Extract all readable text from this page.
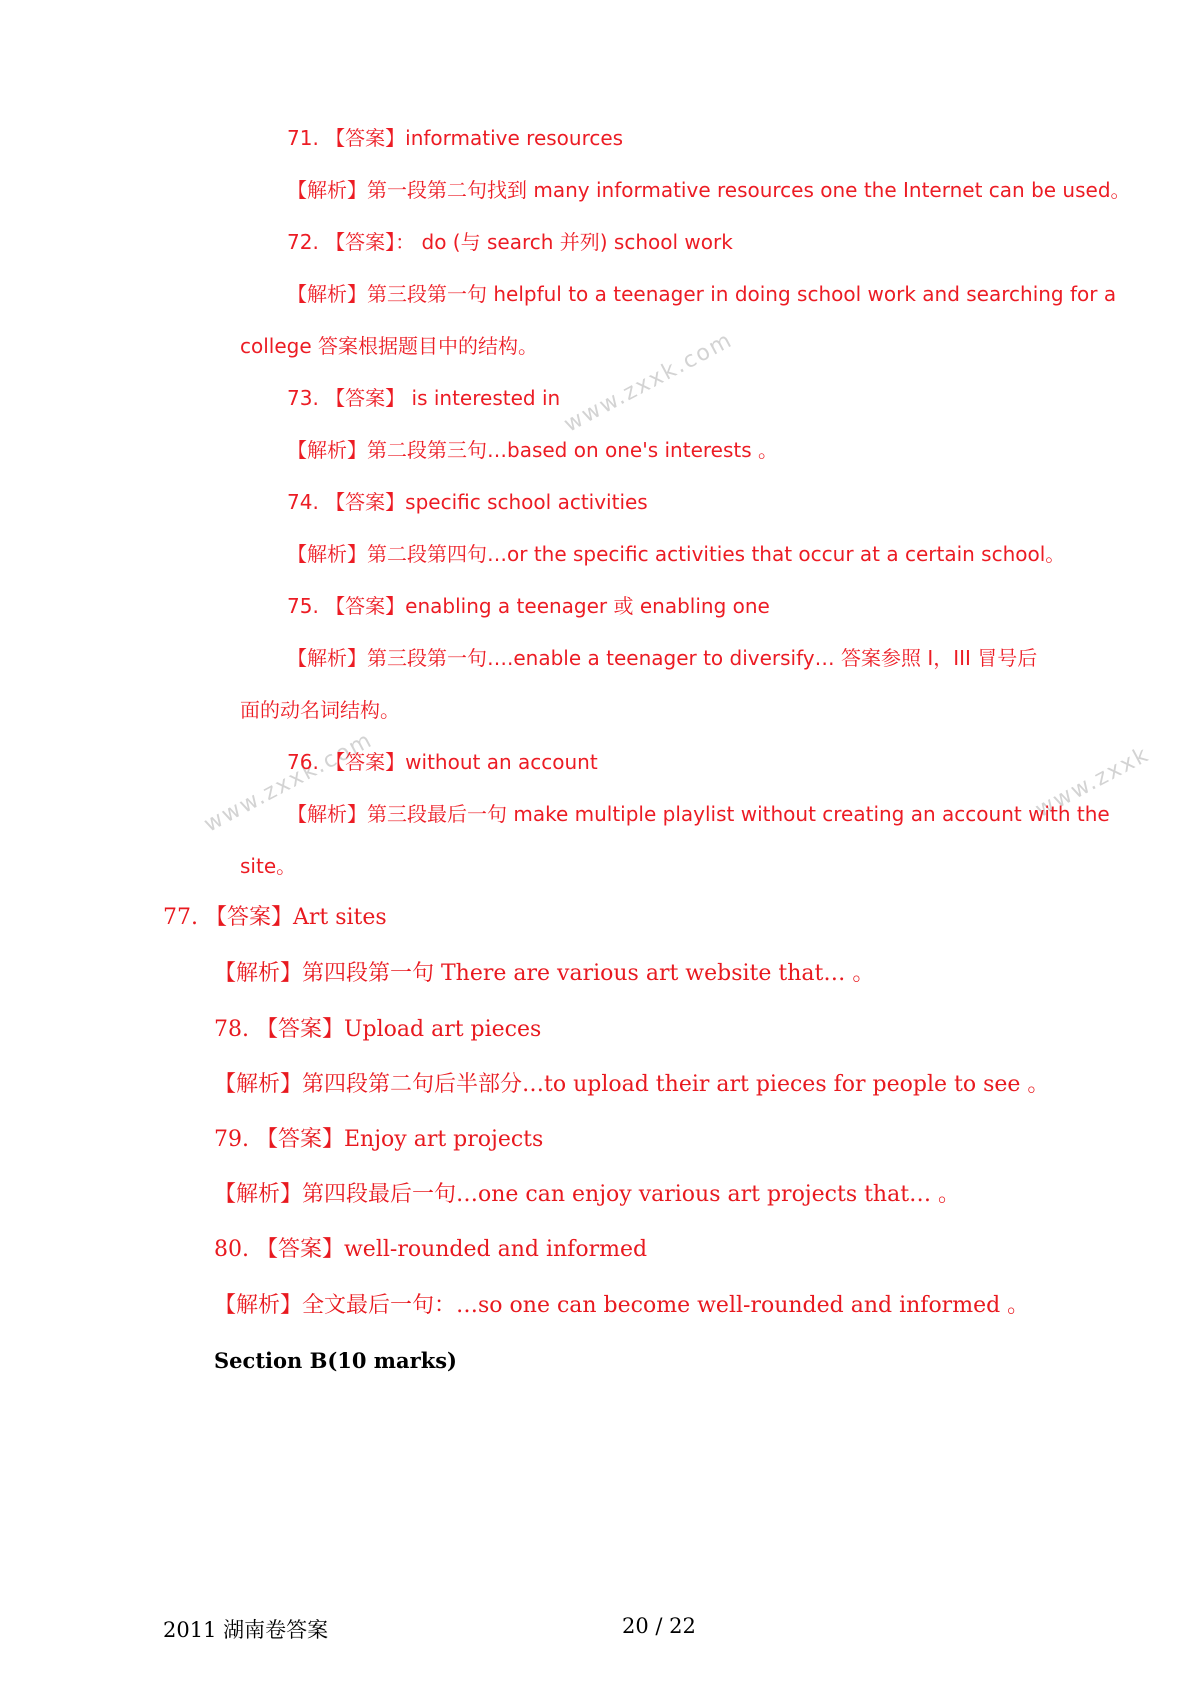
www.zxxk.com
www.zxxk.com	www.zxxk
71. 【答案】informative resources
【解析】第一段第二句找到 many informative resources one the Internet can be used。
72. 【答案】： do (与 search 并列) school work
【解析】第三段第一句 helpful to a teenager in doing school work and searching for a
college 答案根据题目中的结构。
73. 【答案】 is interested in
【解析】第二段第三句…based on one's interests 。
74. 【答案】specific school activities
【解析】第二段第四句…or the specific activities that occur at a certain school。
75. 【答案】enabling a teenager 或 enabling one
【解析】第三段第一句….enable a teenager to diversify… 答案参照 I，III 冒号后
面的动名词结构。
76. 【答案】without an account
【解析】第三段最后一句 make multiple playlist without creating an account with the
site。
77. 【答案】Art sites
【解析】第四段第一句 There are various art website that… 。
78. 【答案】Upload art pieces
【解析】第四段第二句后半部分…to upload their art pieces for people to see 。
79. 【答案】Enjoy art projects
【解析】第四段最后一句…one can enjoy various art projects that… 。
80. 【答案】well-rounded and informed
【解析】全文最后一句：…so one can become well-rounded and informed 。
Section B(10 marks)
2011 湖南卷答案	20 / 22
